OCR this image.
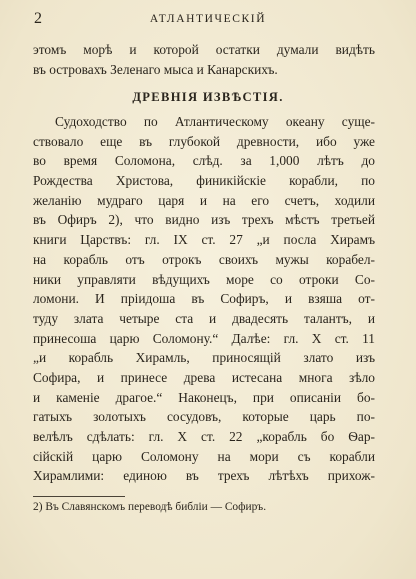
2	АТЛАНТИЧЕСКІЙ
этомъ морѣ и которой остатки думали видѣть
въ островахъ Зеленаго мыса и Канарскихъ.
ДРЕВНІЯ ИЗВѢСТІЯ.
Судоходство по Атлантическому океану суще-
ствовало еще въ глубокой древности, ибо уже
во время Соломона, слѣд. за 1,000 лѣтъ до
Рождества Христова, финикійскіе корабли, по
желанію мудраго царя и на его счетъ, ходили
въ Офиръ 2), что видно изъ трехъ мѣстъ третьей
книги Царствъ: гл. IX ст. 27 „и посла Хирамъ
на корабль отъ отрокъ своихъ мужы корабел-
ники управляти вѣдущихъ море со отроки Со-
ломони. И пріидоша въ Софиръ, и взяша от-
туду злата четыре ста и двадесять талантъ, и
принесоша царю Соломону.“ Далѣе: гл. X ст. 11
„и корабль Хирамль, приносящій злато изъ
Софира, и принесе древа истесана многа зѣло
и каменіе драгое.“ Наконецъ, при описаніи бо-
гатыхъ золотыхъ сосудовъ, которые царь по-
велѣлъ сдѣлать: гл. X ст. 22 „корабль бо Ѳар-
сійскій царю Соломону на мори съ корабли
Хирамлими: единою въ трехъ лѣтѣхъ прихож-
2) Въ Славянскомъ переводѣ библіи — Софиръ.
